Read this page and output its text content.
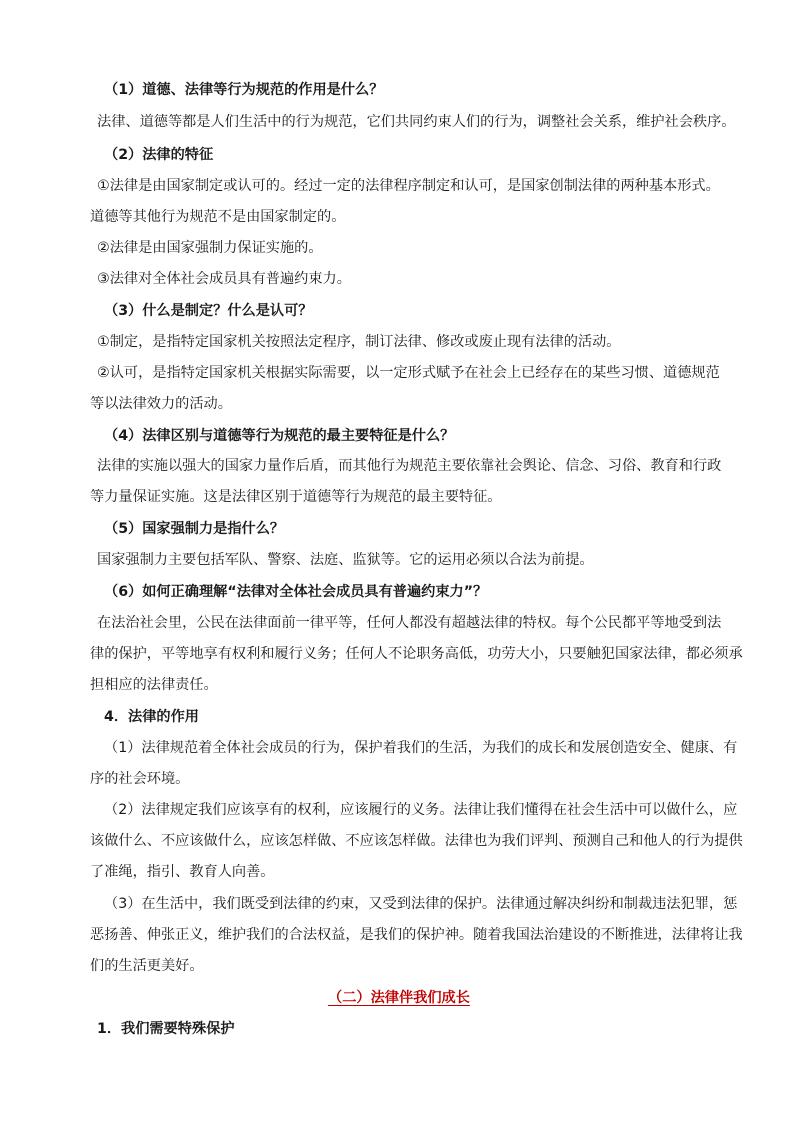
（1）道德、法律等行为规范的作用是什么？
法律、道德等都是人们生活中的行为规范，它们共同约束人们的行为，调整社会关系，维护社会秩序。
（2）法律的特征
①法律是由国家制定或认可的。经过一定的法律程序制定和认可，是国家创制法律的两种基本形式。
道德等其他行为规范不是由国家制定的。
②法律是由国家强制力保证实施的。
③法律对全体社会成员具有普遍约束力。
（3）什么是制定？什么是认可？
①制定，是指特定国家机关按照法定程序，制订法律、修改或废止现有法律的活动。
②认可，是指特定国家机关根据实际需要，以一定形式赋予在社会上已经存在的某些习惯、道德规范
等以法律效力的活动。
（4）法律区别与道德等行为规范的最主要特征是什么？
法律的实施以强大的国家力量作后盾，而其他行为规范主要依靠社会舆论、信念、习俗、教育和行政
等力量保证实施。这是法律区别于道德等行为规范的最主要特征。
（5）国家强制力是指什么？
国家强制力主要包括军队、警察、法庭、监狱等。它的运用必须以合法为前提。
（6）如何正确理解“法律对全体社会成员具有普遍约束力”？
在法治社会里，公民在法律面前一律平等，任何人都没有超越法律的特权。每个公民都平等地受到法
律的保护，平等地享有权利和履行义务；任何人不论职务高低，功劳大小，只要触犯国家法律，都必须承
担相应的法律责任。
4．法律的作用
（1）法律规范着全体社会成员的行为，保护着我们的生活，为我们的成长和发展创造安全、健康、有
序的社会环境。
（2）法律规定我们应该享有的权利，应该履行的义务。法律让我们懂得在社会生活中可以做什么，应
该做什么、不应该做什么，应该怎样做、不应该怎样做。法律也为我们评判、预测自己和他人的行为提供
了准绳，指引、教育人向善。
（3）在生活中，我们既受到法律的约束，又受到法律的保护。法律通过解决纠纷和制裁违法犯罪，惩
恶扬善、伸张正义，维护我们的合法权益，是我们的保护神。随着我国法治建设的不断推进，法律将让我
们的生活更美好。
（二）法律伴我们成长
1．我们需要特殊保护
